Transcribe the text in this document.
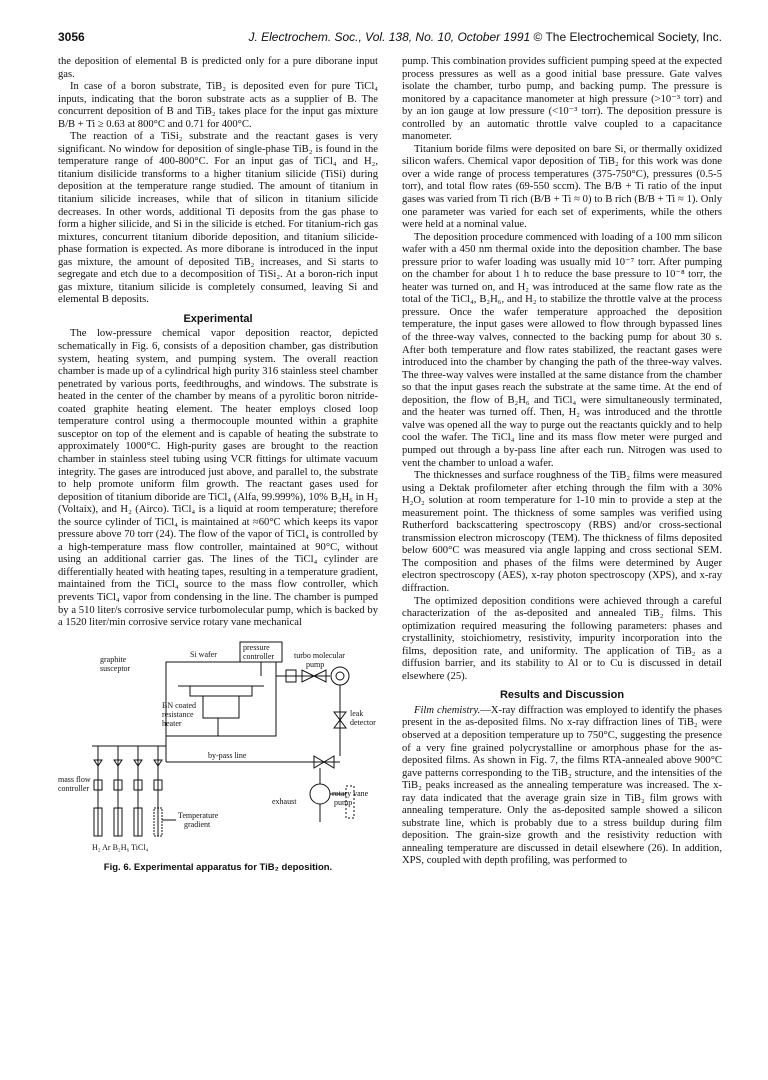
3056	J. Electrochem. Soc., Vol. 138, No. 10, October 1991 © The Electrochemical Society, Inc.

the deposition of elemental B is predicted only for a pure diborane input gas.

In case of a boron substrate, TiB₂ is deposited even for pure TiCl₄ inputs, indicating that the boron substrate acts as a supplier of B. The concurrent deposition of B and TiB₂ takes place for the input gas mixture B/B + Ti ≥ 0.63 at 800°C and 0.71 for 400°C.

The reaction of a TiSi₂ substrate and the reactant gases is very significant. No window for deposition of single-phase TiB₂ is found in the temperature range of 400-800°C. For an input gas of TiCl₄ and H₂, titanium disilicide transforms to a higher titanium silicide (TiSi) during deposition at the temperature range studied. The amount of titanium in titanium silicide increases, while that of silicon in titanium silicide decreases. In other words, additional Ti deposits from the gas phase to form a higher silicide, and Si in the silicide is etched. For titanium-rich gas mixtures, concurrent titanium diboride deposition, and titanium silicide-phase formation is expected. As more diborane is introduced in the input gas mixture, the amount of deposited TiB₂ increases, and Si starts to segregate and etch due to a decomposition of TiSi₂. At a boron-rich input gas mixture, titanium silicide is completely consumed, leaving Si and elemental B deposits.

Experimental

The low-pressure chemical vapor deposition reactor, depicted schematically in Fig. 6, consists of a deposition chamber, gas distribution system, heating system, and pumping system. The overall reaction chamber is made up of a cylindrical high purity 316 stainless steel chamber penetrated by various ports, feedthroughs, and windows. The substrate is heated in the center of the chamber by means of a pyrolitic boron nitride-coated graphite heating element. The heater employs closed loop temperature control using a thermocouple mounted within a graphite susceptor on top of the element and is capable of heating the substrate to approximately 1000°C. High-purity gases are brought to the reaction chamber in stainless steel tubing using VCR fittings for ultimate vacuum integrity. The gases are introduced just above, and parallel to, the substrate to help promote uniform film growth. The reactant gases used for deposition of titanium diboride are TiCl₄ (Alfa, 99.999%), 10% B₂H₆ in H₂ (Voltaix), and H₂ (Airco). TiCl₄ is a liquid at room temperature; therefore the source cylinder of TiCl₄ is maintained at ≈60°C which keeps its vapor pressure above 70 torr (24). The flow of the vapor of TiCl₄ is controlled by a high-temperature mass flow controller, maintained at 90°C, without using an additional carrier gas. The lines of the TiCl₄ cylinder are differentially heated with heating tapes, resulting in a temperature gradient, maintained from the TiCl₄ source to the mass flow controller, which prevents TiCl₄ vapor from condensing in the line. The chamber is pumped by a 510 liter/s corrosive service turbomolecular pump, which is backed by a 1520 liter/min corrosive service rotary vane mechanical

Si wafer
pressure
controller
graphite
susceptor
turbo molecular
pump
BN coated
resistance
heater
leak
detector
by-pass line
mass flow
controller
rotary vane
pump
Temperature
gradient
exhaust
H₂ Ar B₂H₆ TiCl₄
Fig. 6. Experimental apparatus for TiB₂ deposition.

pump. This combination provides sufficient pumping speed at the expected process pressures as well as a good initial base pressure. Gate valves isolate the chamber, turbo pump, and backing pump. The pressure is monitored by a capacitance manometer at high pressure (>10⁻³ torr) and by an ion gauge at low pressure (<10⁻³ torr). The deposition pressure is controlled by an automatic throttle valve coupled to a capacitance manometer.

Titanium boride films were deposited on bare Si, or thermally oxidized silicon wafers. Chemical vapor deposition of TiB₂ for this work was done over a wide range of process temperatures (375-750°C), pressures (0.5-5 torr), and total flow rates (69-550 sccm). The B/B + Ti ratio of the input gases was varied from Ti rich (B/B + Ti ≈ 0) to B rich (B/B + Ti ≈ 1). Only one parameter was varied for each set of experiments, while the others were held at a nominal value.

The deposition procedure commenced with loading of a 100 mm silicon wafer with a 450 nm thermal oxide into the deposition chamber. The base pressure prior to wafer loading was usually mid 10⁻⁷ torr. After pumping on the chamber for about 1 h to reduce the base pressure to 10⁻⁸ torr, the heater was turned on, and H₂ was introduced at the same flow rate as the total of the TiCl₄, B₂H₆, and H₂ to stabilize the throttle valve at the process pressure. Once the wafer temperature approached the deposition temperature, the input gases were allowed to flow through bypassed lines of the three-way valves, connected to the backing pump for about 30 s. After both temperature and flow rates stabilized, the reactant gases were introduced into the chamber by changing the path of the three-way valves. The three-way valves were installed at the same distance from the chamber so that the input gases reach the substrate at the same time. At the end of deposition, the flow of B₂H₆ and TiCl₄ were simultaneously terminated, and the heater was turned off. Then, H₂ was introduced and the throttle valve was opened all the way to purge out the reactants quickly and to help cool the wafer. The TiCl₄ line and its mass flow meter were purged and pumped out through a by-pass line after each run. Nitrogen was used to vent the chamber to unload a wafer.

The thicknesses and surface roughness of the TiB₂ films were measured using a Dektak profilometer after etching through the film with a 30% H₂O₂ solution at room temperature for 1-10 min to provide a step at the measurement point. The thickness of some samples was verified using Rutherford backscattering spectroscopy (RBS) and/or cross-sectional transmission electron microscopy (TEM). The thickness of films deposited below 600°C was measured via angle lapping and cross sectional SEM. The composition and phases of the films were determined by Auger electron spectroscopy (AES), x-ray photon spectroscopy (XPS), and x-ray diffraction.

The optimized deposition conditions were achieved through a careful characterization of the as-deposited and annealed TiB₂ films. This optimization required measuring the following parameters: phases and crystallinity, stoichiometry, resistivity, impurity incorporation into the films, deposition rate, and uniformity. The application of TiB₂ as a diffusion barrier, and its stability to Al or to Cu is discussed in detail elsewhere (25).

Results and Discussion

Film chemistry.—X-ray diffraction was employed to identify the phases present in the as-deposited films. No x-ray diffraction lines of TiB₂ were observed at a deposition temperature up to 750°C, suggesting the presence of a very fine grained polycrystalline or amorphous phase for the as-deposited films. As shown in Fig. 7, the films RTA-annealed above 900°C gave patterns corresponding to the TiB₂ structure, and the intensities of the TiB₂ peaks increased as the annealing temperature was increased. The x-ray data indicated that the average grain size in TiB₂ film grows with annealing temperature. Only the as-deposited sample showed a silicon substrate line, which is probably due to a stress buildup during film deposition. The grain-size growth and the resistivity reduction with annealing temperature are discussed in detail elsewhere (26). In addition, XPS, coupled with depth profiling, was performed to
